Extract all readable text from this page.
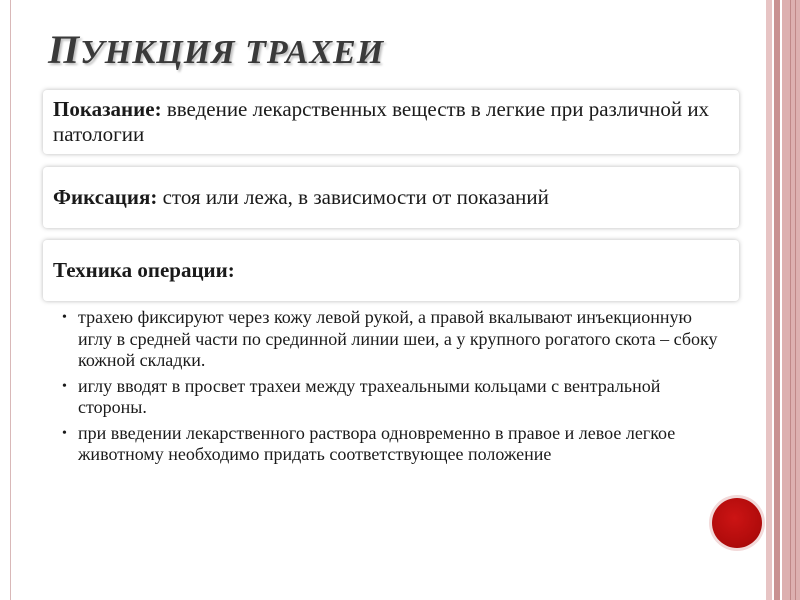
ПУНКЦИЯ ТРАХЕИ
Показание: введение лекарственных веществ в легкие при различной их патологии
Фиксация: стоя или лежа, в зависимости от показаний
Техника операции:
• трахею фиксируют через кожу левой рукой, а правой вкалывают инъекционную иглу в средней части по срединной линии шеи, а у крупного рогатого скота – сбоку кожной складки.
• иглу вводят в просвет трахеи между трахеальными кольцами с вентральной стороны.
• при введении лекарственного раствора одновременно в правое и левое легкое животному необходимо придать соответствующее положение
